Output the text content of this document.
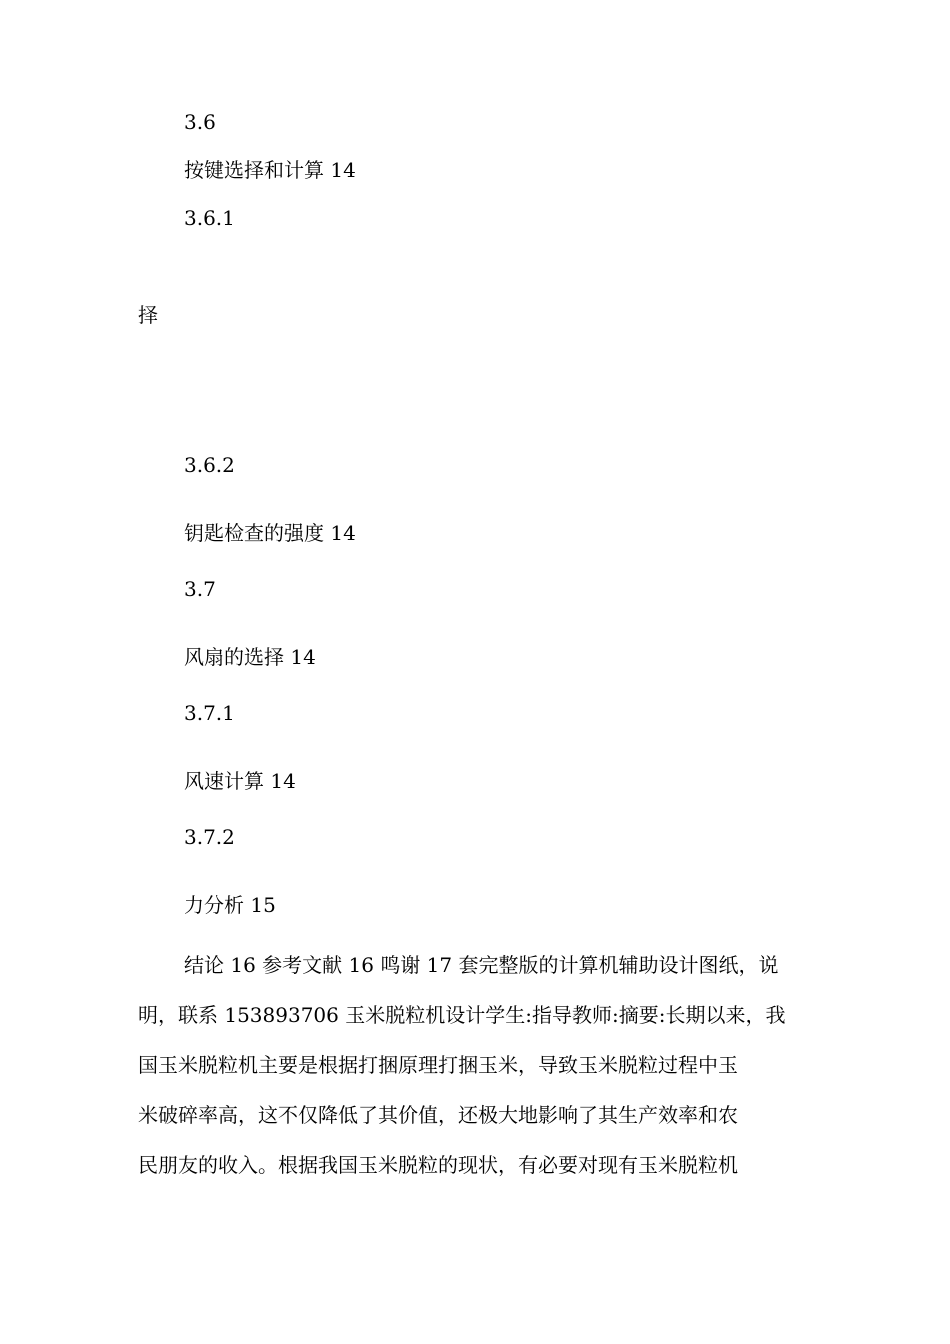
3.6
按键选择和计算 14
3.6.1
择
3.6.2
钥匙检查的强度 14
3.7
风扇的选择 14
3.7.1
风速计算 14
3.7.2
力分析 15
结论 16 参考文献 16 鸣谢 17 套完整版的计算机辅助设计图纸，说
明，联系 153893706 玉米脱粒机设计学生:指导教师:摘要:长期以来，我
国玉米脱粒机主要是根据打捆原理打捆玉米，导致玉米脱粒过程中玉
米破碎率高，这不仅降低了其价值，还极大地影响了其生产效率和农
民朋友的收入。根据我国玉米脱粒的现状，有必要对现有玉米脱粒机
